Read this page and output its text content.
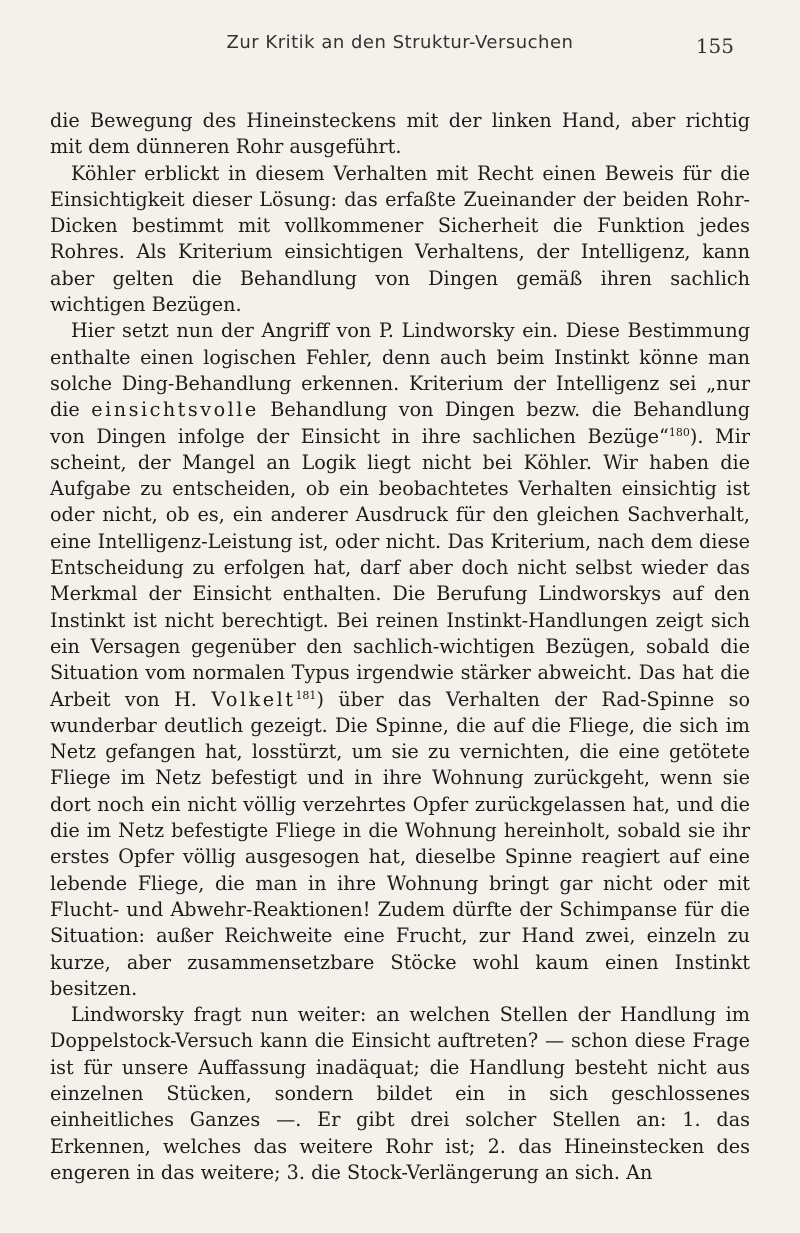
Zur Kritik an den Struktur-Versuchen	155

die Bewegung des Hineinsteckens mit der linken Hand, aber richtig mit dem dünneren Rohr ausgeführt.

Köhler erblickt in diesem Verhalten mit Recht einen Beweis für die Einsichtigkeit dieser Lösung: das erfaßte Zueinander der beiden Rohr-Dicken bestimmt mit vollkommener Sicherheit die Funktion jedes Rohres. Als Kriterium einsichtigen Verhaltens, der Intelligenz, kann aber gelten die Behandlung von Dingen gemäß ihren sachlich wichtigen Bezügen.

Hier setzt nun der Angriff von P. Lindworsky ein. Diese Bestimmung enthalte einen logischen Fehler, denn auch beim Instinkt könne man solche Ding-Behandlung erkennen. Kriterium der Intelligenz sei „nur die einsichtsvolle Behandlung von Dingen bezw. die Behandlung von Dingen infolge der Einsicht in ihre sachlichen Bezüge“$^{180}$). Mir scheint, der Mangel an Logik liegt nicht bei Köhler. Wir haben die Aufgabe zu entscheiden, ob ein beobachtetes Verhalten einsichtig ist oder nicht, ob es, ein anderer Ausdruck für den gleichen Sachverhalt, eine Intelligenz-Leistung ist, oder nicht. Das Kriterium, nach dem diese Entscheidung zu erfolgen hat, darf aber doch nicht selbst wieder das Merkmal der Einsicht enthalten. Die Berufung Lindworskys auf den Instinkt ist nicht berechtigt. Bei reinen Instinkt-Handlungen zeigt sich ein Versagen gegenüber den sachlich-wichtigen Bezügen, sobald die Situation vom normalen Typus irgendwie stärker abweicht. Das hat die Arbeit von H. Volkelt$^{181}$) über das Verhalten der Rad-Spinne so wunderbar deutlich gezeigt. Die Spinne, die auf die Fliege, die sich im Netz gefangen hat, losstürzt, um sie zu vernichten, die eine getötete Fliege im Netz befestigt und in ihre Wohnung zurückgeht, wenn sie dort noch ein nicht völlig verzehrtes Opfer zurückgelassen hat, und die die im Netz befestigte Fliege in die Wohnung hereinholt, sobald sie ihr erstes Opfer völlig ausgesogen hat, dieselbe Spinne reagiert auf eine lebende Fliege, die man in ihre Wohnung bringt gar nicht oder mit Flucht- und Abwehr-Reaktionen! Zudem dürfte der Schimpanse für die Situation: außer Reichweite eine Frucht, zur Hand zwei, einzeln zu kurze, aber zusammensetzbare Stöcke wohl kaum einen Instinkt besitzen.

Lindworsky fragt nun weiter: an welchen Stellen der Handlung im Doppelstock-Versuch kann die Einsicht auftreten? — schon diese Frage ist für unsere Auffassung inadäquat; die Handlung besteht nicht aus einzelnen Stücken, sondern bildet ein in sich geschlossenes einheitliches Ganzes —. Er gibt drei solcher Stellen an: 1. das Erkennen, welches das weitere Rohr ist; 2. das Hineinstecken des engeren in das weitere; 3. die Stock-Verlängerung an sich. An
